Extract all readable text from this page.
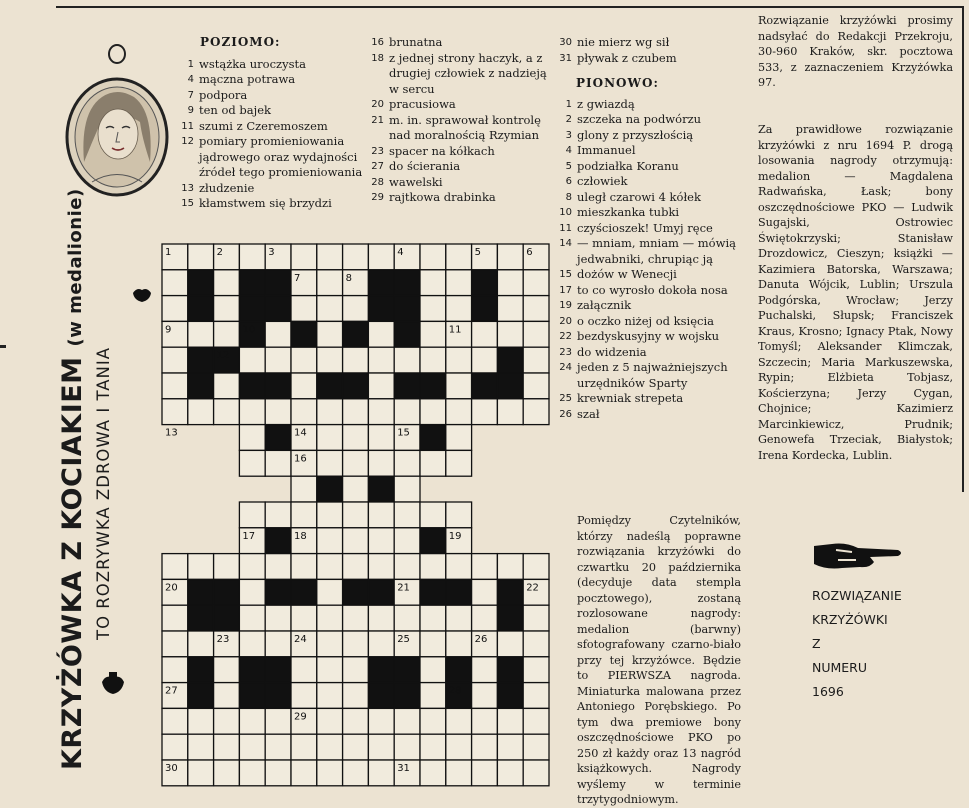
KRZYŻÓWKA Z KOCIAKIEM (w medalionie)
TO ROZRYWKA ZDROWA I TANIA
POZIOMO:
1 wstążka uroczysta
4 mączna potrawa
7 podpora
9 ten od bajek
11 szumi z Czeremoszem
12 pomiary promieniowania jądrowego oraz wydajności źródeł tego promieniowania
13 złudzenie
15 kłamstwem się brzydzi
16 brunatna
18 z jednej strony haczyk, a z drugiej człowiek z nadzieją w sercu
20 pracusiowa
21 m. in. sprawował kontrolę nad moralnością Rzymian
23 spacer na kółkach
27 do ścierania
28 wawelski
29 rajtkowa drabinka
30 nie mierz wg sił
31 pływak z czubem
PIONOWO:
1 z gwiazdą
2 szczeka na podwórzu
3 glony z przyszłością
4 Immanuel
5 podziałka Koranu
6 człowiek
8 uległ czarowi 4 kółek
10 mieszkanka tubki
11 czyścioszek! Umyj ręce
14 — mniam, mniam — mówią jedwabniki, chrupiąc ją
15 dożów w Wenecji
17 to co wyrosło dokoła nosa
19 załącznik
20 o oczko niżej od księcia
22 bezdyskusyjny w wojsku
23 do widzenia
24 jeden z 5 najważniejszych urzędników Sparty
25 krewniak strepeta
26 szał
Pomiędzy Czytelników, którzy nadeślą poprawne rozwiązania krzyżówki do czwartku 20 października (decyduje data stempla pocztowego), zostaną rozlosowane nagrody: medalion (barwny) sfotografowany czarno-biało przy tej krzyżówce. Będzie to PIERWSZA nagroda. Miniaturka malowana przez Antoniego Porębskiego. Po tym dwa premiowe bony oszczędnościowe PKO po 250 zł każdy oraz 13 nagród książkowych. Nagrody wyślemy w terminie trzytygodniowym.
Rozwiązanie krzyżówki prosimy nadsyłać do Redakcji Przekroju, 30-960 Kraków, skr. pocztowa 533, z zaznaczeniem Krzyżówka 97.
Za prawidłowe rozwiązanie krzyżówki z nru 1694 P. drogą losowania nagrody otrzymują: medalion — Magdalena Radwańska, Łask; bony oszczędnościowe PKO — Ludwik Sugajski, Ostrowiec Świętokrzyski; Stanisław Drozdowicz, Cieszyn; książki — Kazimiera Batorska, Warszawa; Danuta Wójcik, Lublin; Urszula Podgórska, Wrocław; Jerzy Puchalski, Słupsk; Franciszek Kraus, Krosno; Ignacy Ptak, Nowy Tomyśl; Aleksander Klimczak, Szczecin; Maria Markuszewska, Rypin; Elżbieta Tobjasz, Kościerzyna; Jerzy Cygan, Chojnice; Kazimierz Marcinkiewicz, Prudnik; Genowefa Trzeciak, Białystok; Irena Kordecka, Lublin.
ROZWIĄZANIE
KRZYŻÓWKI
Z
NUMERU
1696
1	2	3	4	5	6
7	8
9	10	11
12
13	14	15
16
17	18	19
20	21	22
23	24	25	26
27	28
29
30	31
